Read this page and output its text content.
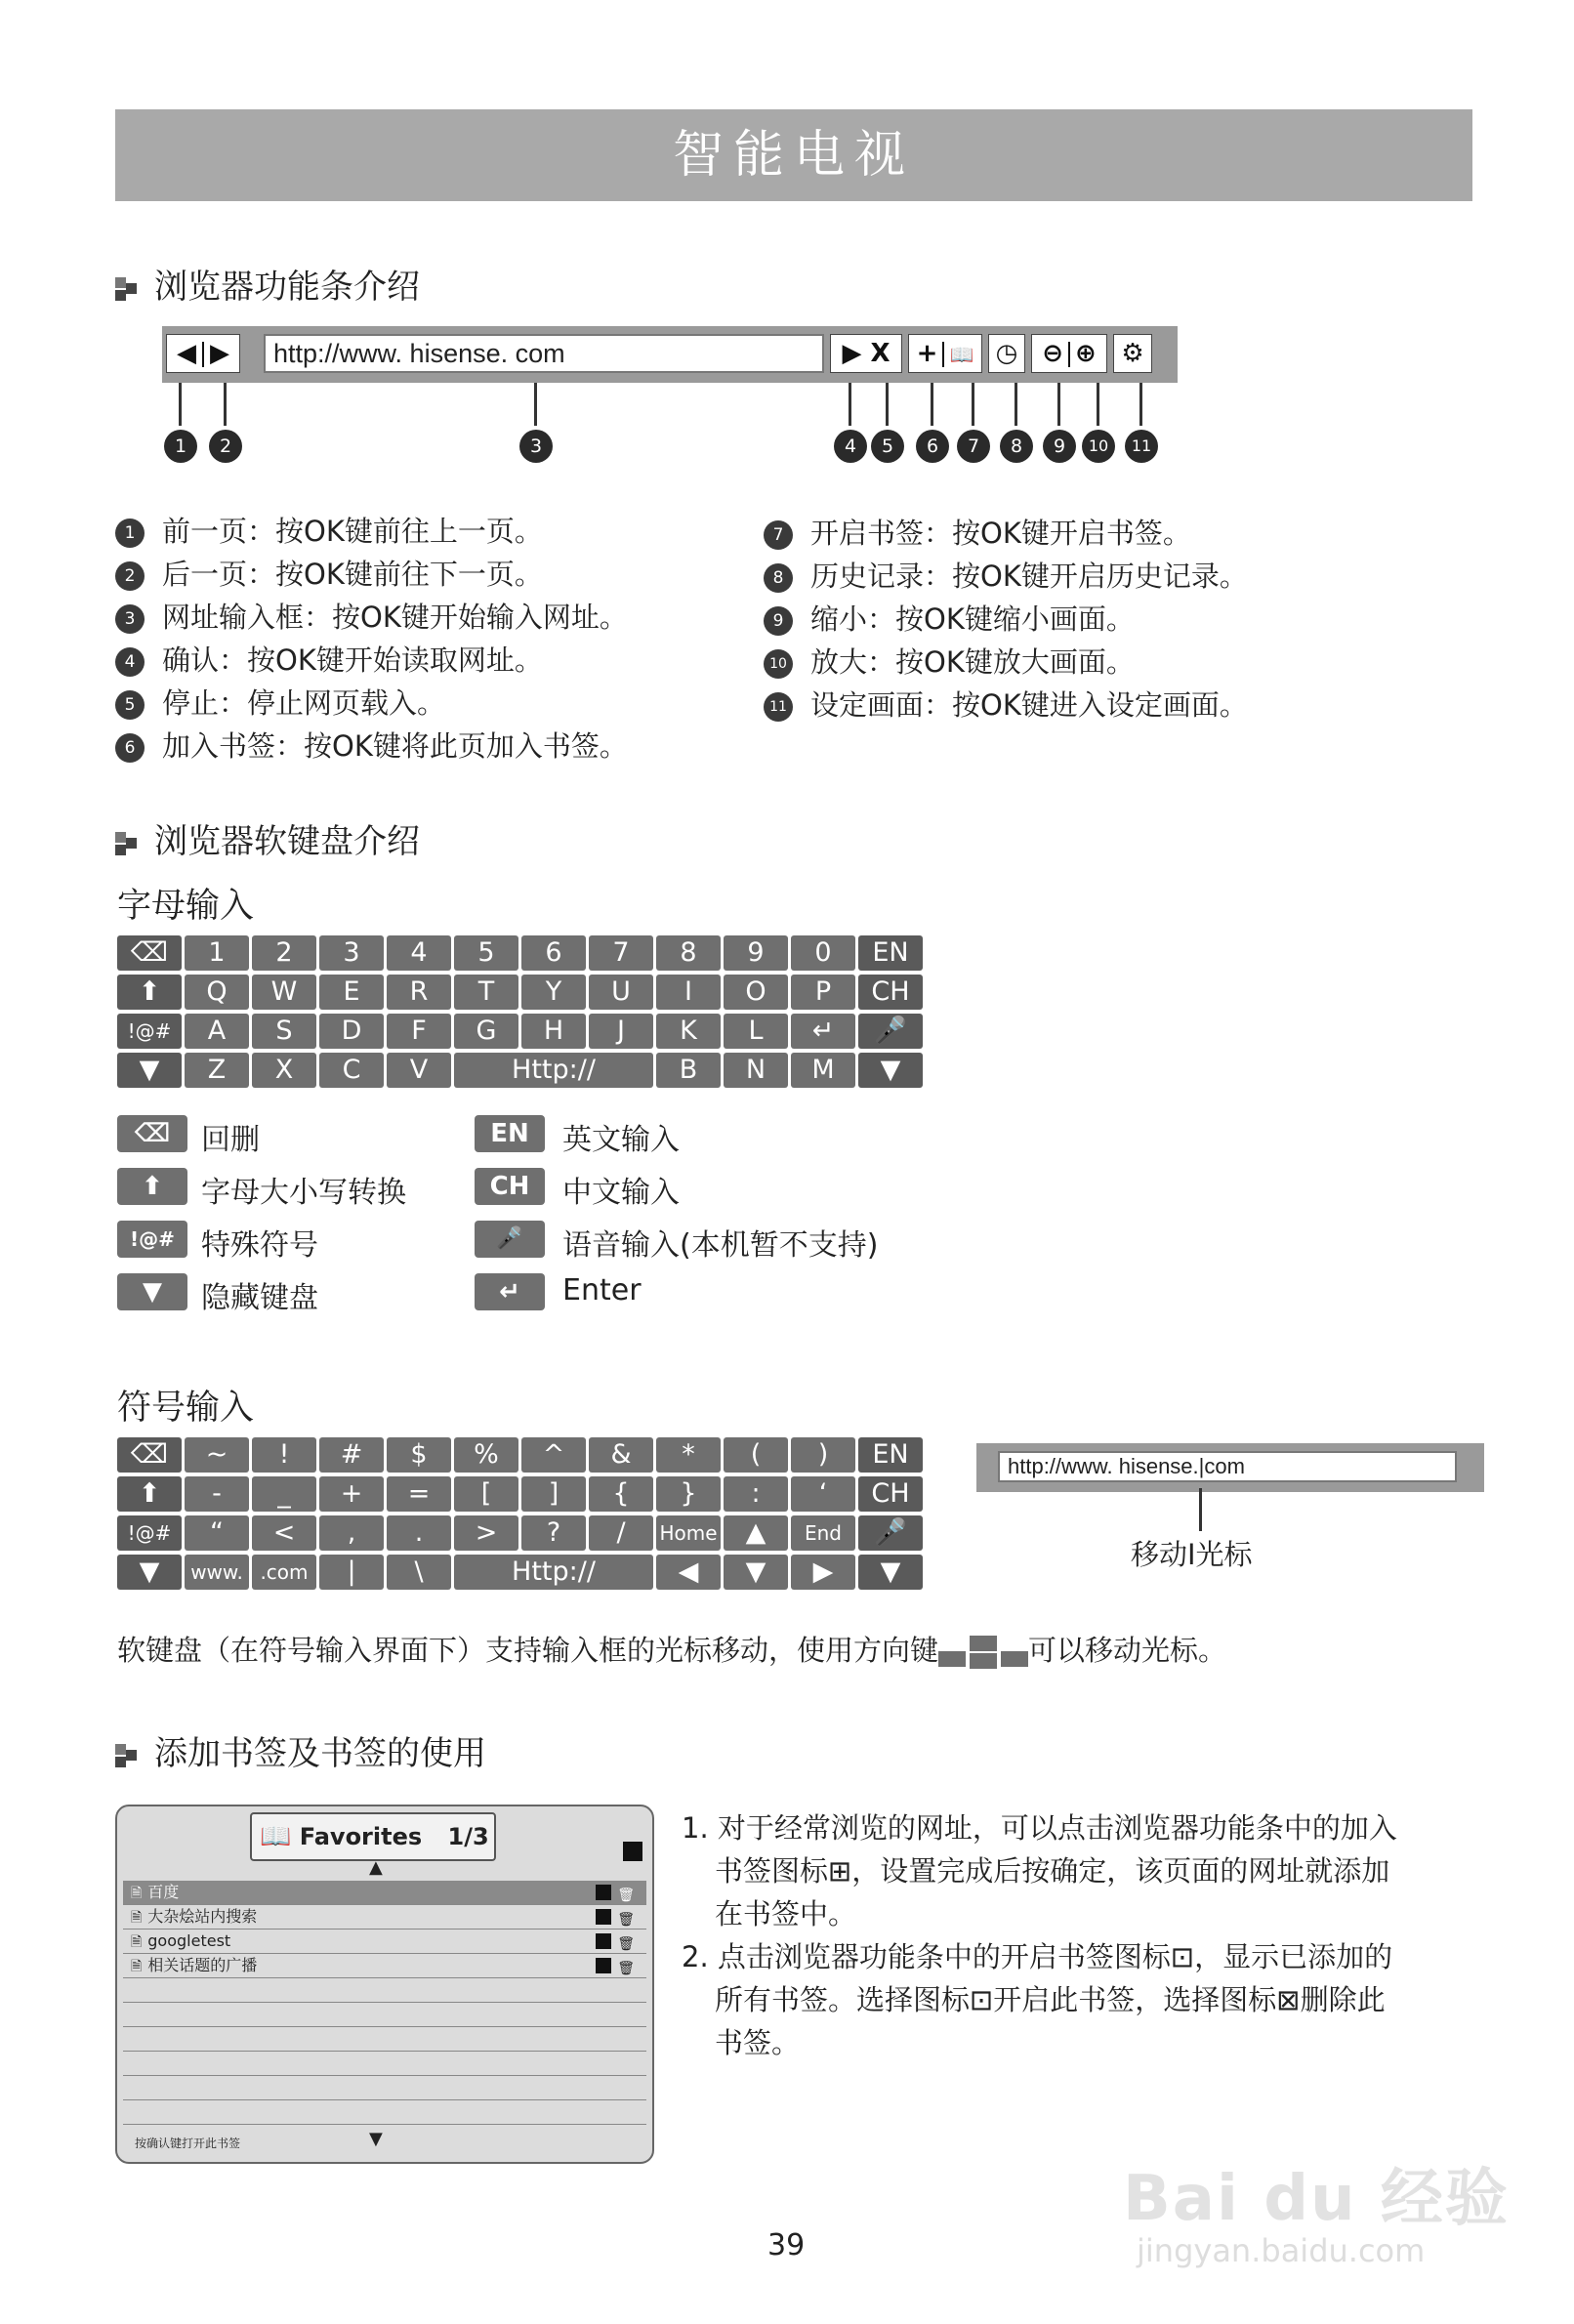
智能电视
浏览器功能条介绍
◀ ▶	http://www. hisense. com	▶ X	+ 📖 ◷ ⊖ ⊕ ⚙
1	2	3	4	5	6	7	8	9	10	11
1 前一页：按OK键前往上一页。
2 后一页：按OK键前往下一页。
3 网址输入框：按OK键开始输入网址。
4 确认：按OK键开始读取网址。
5 停止：停止网页载入。
6 加入书签：按OK键将此页加入书签。
7 开启书签：按OK键开启书签。
8 历史记录：按OK键开启历史记录。
9 缩小：按OK键缩小画面。
10 放大：按OK键放大画面。
11 设定画面：按OK键进入设定画面。
浏览器软键盘介绍
字母输入
⌫	1	2	3	4	5	6	7	8	9	0	EN
⬆	Q	W	E	R	T	Y	U	I	O	P	CH
!@#	A	S	D	F	G	H	J	K	L	↵	🎤
▼	Z	X	C	V	Http://	B	N	M	▼
⌫	回删
⬆	字母大小写转换
!@# 特殊符号
▼	隐藏键盘
EN	英文输入
CH	中文输入
🎤	语音输入(本机暂不支持)
↵	Enter
符号输入
⌫	~	!	#	$	%	^	&	*	(	)	EN
⬆	-	_	+	=	[	]	{	}	:	‘	CH
!@#	“	<	,	.	>	?	/	Home	▲	End	🎤
▼	www. .com	|	\	Http://	◀	▼	▶	▼
http://www. hisense.|com
移动I光标
软键盘（在符号输入界面下）支持输入框的光标移动，使用方向键	可以移动光标。
添加书签及书签的使用
📖 Favorites 1/3
▲
🗎 百度	🗑
🗎 大杂烩站内搜索	🗑
🗎 googletest	🗑
🗎 相关话题的广播	🗑
按确认键打开此书签	▼
1. 对于经常浏览的网址，可以点击浏览器功能条中的加入
书签图标⊞，设置完成后按确定，该页面的网址就添加
在书签中。
2. 点击浏览器功能条中的开启书签图标⊡，显示已添加的
所有书签。选择图标⊡开启此书签，选择图标⊠删除此
书签。
39
Bai du 经验
jingyan.baidu.com
